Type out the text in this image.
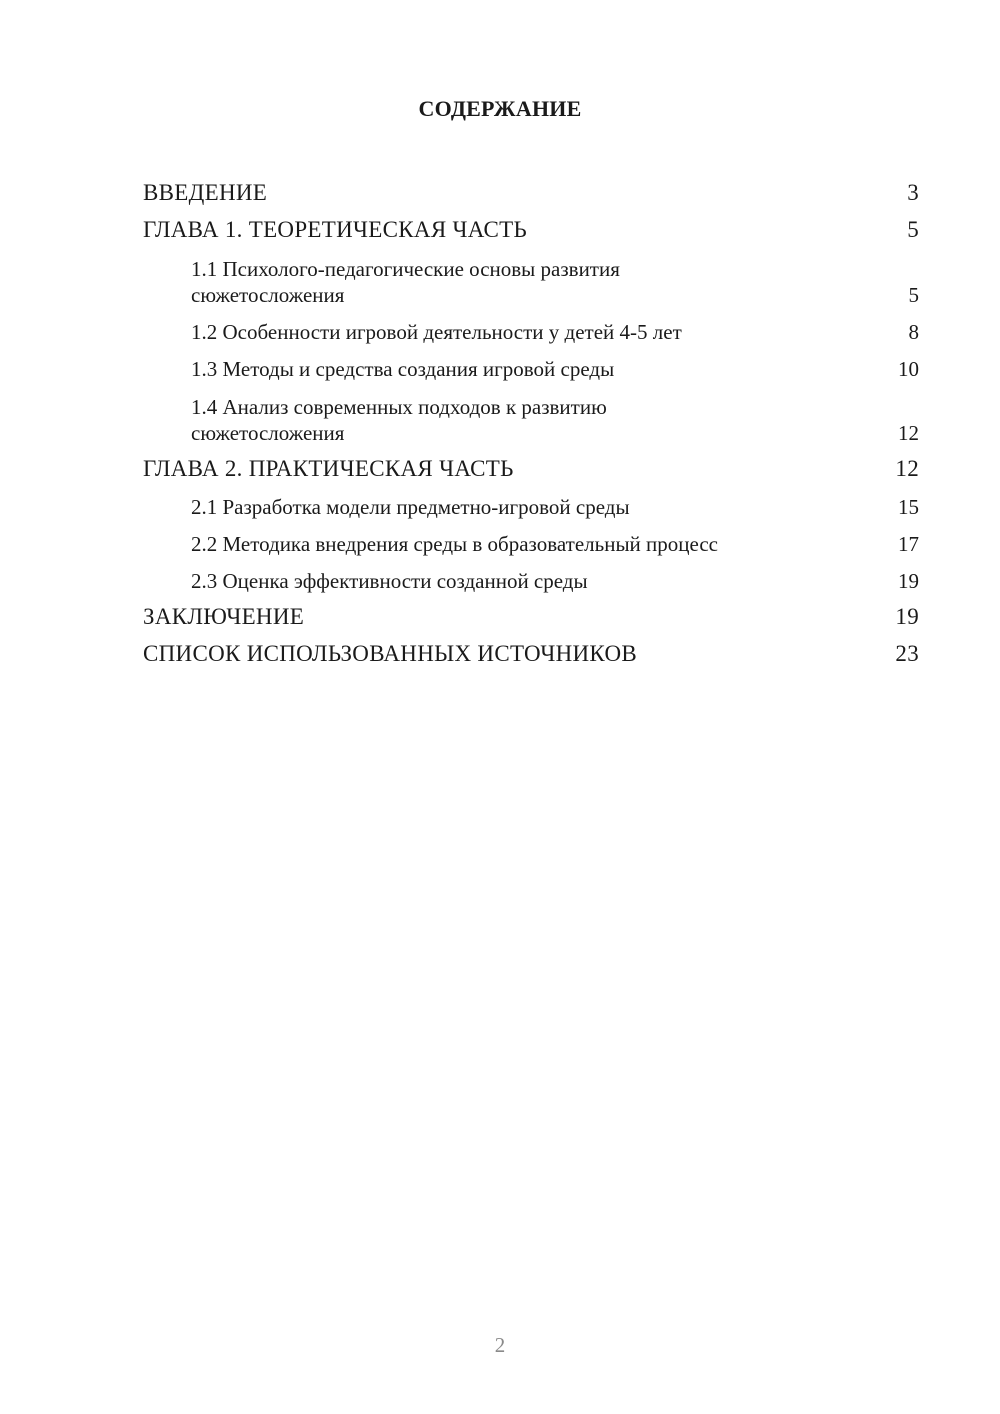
СОДЕРЖАНИЕ
ВВЕДЕНИЕ	3
ГЛАВА 1. ТЕОРЕТИЧЕСКАЯ ЧАСТЬ	5
1.1 Психолого-педагогические основы развития сюжетосложения	5
1.2 Особенности игровой деятельности у детей 4-5 лет	8
1.3 Методы и средства создания игровой среды	10
1.4 Анализ современных подходов к развитию сюжетосложения	12
ГЛАВА 2. ПРАКТИЧЕСКАЯ ЧАСТЬ	12
2.1 Разработка модели предметно-игровой среды	15
2.2 Методика внедрения среды в образовательный процесс	17
2.3 Оценка эффективности созданной среды	19
ЗАКЛЮЧЕНИЕ	19
СПИСОК ИСПОЛЬЗОВАННЫХ ИСТОЧНИКОВ	23
2
